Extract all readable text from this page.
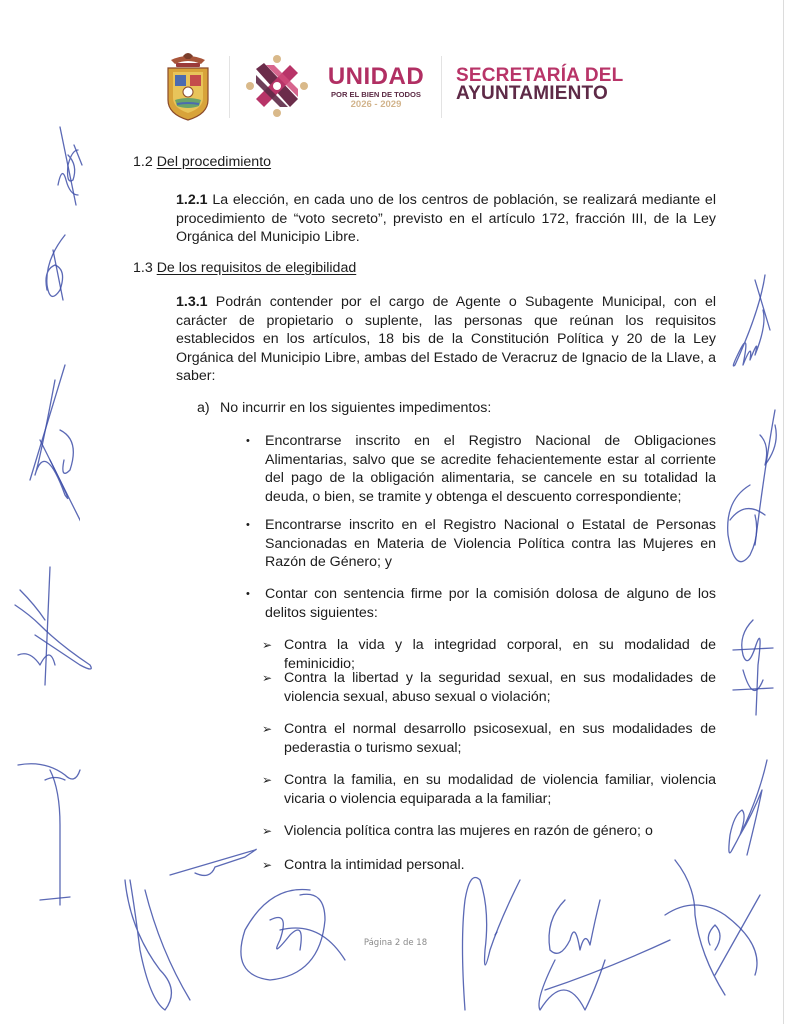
UNIDAD
POR EL BIEN DE TODOS
2026 - 2029
SECRETARÍA DEL
AYUNTAMIENTO
1.2 Del procedimiento
1.2.1 La elección, en cada uno de los centros de población, se realizará mediante el procedimiento de “voto secreto”, previsto en el artículo 172, fracción III, de la Ley Orgánica del Municipio Libre.
1.3 De los requisitos de elegibilidad
1.3.1 Podrán contender por el cargo de Agente o Subagente Municipal, con el carácter de propietario o suplente, las personas que reúnan los requisitos establecidos en los artículos, 18 bis de la Constitución Política y 20 de la Ley Orgánica del Municipio Libre, ambas del Estado de Veracruz de Ignacio de la Llave, a saber:
a) No incurrir en los siguientes impedimentos:
•	Encontrarse inscrito en el Registro Nacional de Obligaciones Alimentarias, salvo que se acredite fehacientemente estar al corriente del pago de la obligación alimentaria, se cancele en su totalidad la deuda, o bien, se tramite y obtenga el descuento correspondiente;
•	Encontrarse inscrito en el Registro Nacional o Estatal de Personas Sancionadas en Materia de Violencia Política contra las Mujeres en Razón de Género; y
•	Contar con sentencia firme por la comisión dolosa de alguno de los delitos siguientes:
➢ Contra la vida y la integridad corporal, en su modalidad de feminicidio;
➢ Contra la libertad y la seguridad sexual, en sus modalidades de violencia sexual, abuso sexual o violación;
➢ Contra el normal desarrollo psicosexual, en sus modalidades de pederastia o turismo sexual;
➢ Contra la familia, en su modalidad de violencia familiar, violencia vicaria o violencia equiparada a la familiar;
➢ Violencia política contra las mujeres en razón de género; o
➢ Contra la intimidad personal.
Página 2 de 18
